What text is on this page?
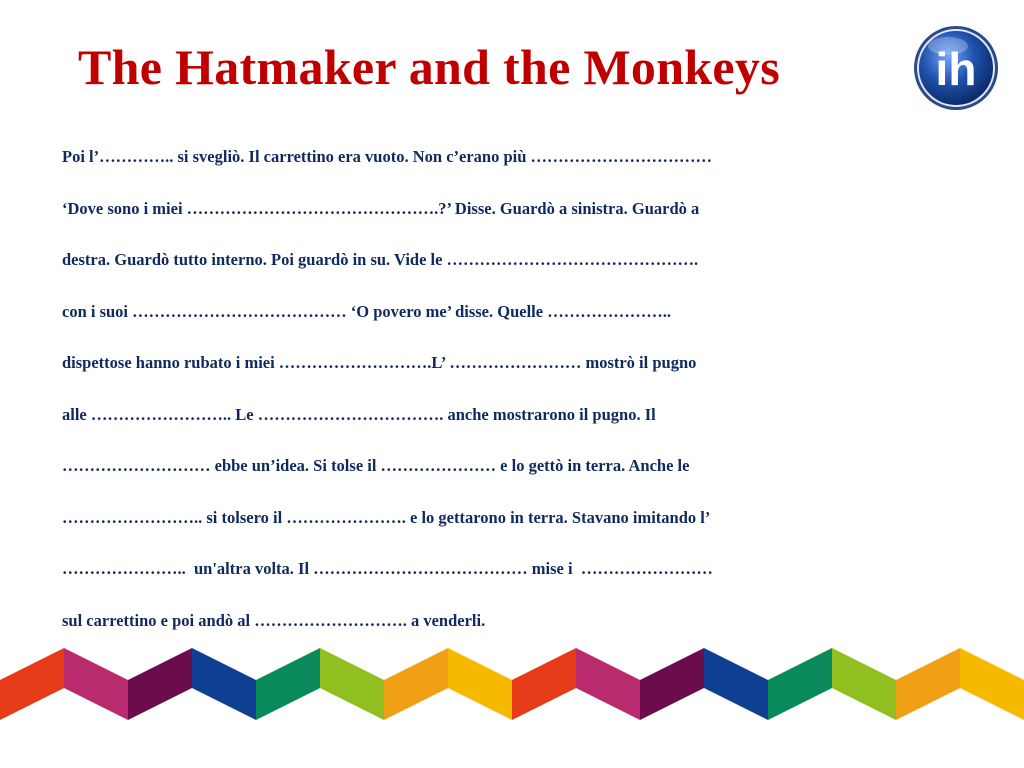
The Hatmaker and the Monkeys	ih
Poi l’………….. si svegliò. Il carrettino era vuoto. Non c’erano più ……………………………
‘Dove sono i miei ……………………………………….?’ Disse. Guardò a sinistra. Guardò a
destra. Guardò tutto interno. Poi guardò in su. Vide le ……………………………………….
con i suoi ………………………………… ‘O povero me’ disse. Quelle …………………..
dispettose hanno rubato i miei ……………………….L’ …………………… mostrò il pugno
alle …………………….. Le ……………………………. anche mostrarono il pugno. Il
……………………… ebbe un’idea. Si tolse il ………………… e lo gettò in terra. Anche le
…………………….. si tolsero il …………………. e lo gettarono in terra. Stavano imitando l’
…………………..  un'altra volta. Il ………………………………… mise i  ……………………
sul carrettino e poi andò al ………………………. a venderli.
